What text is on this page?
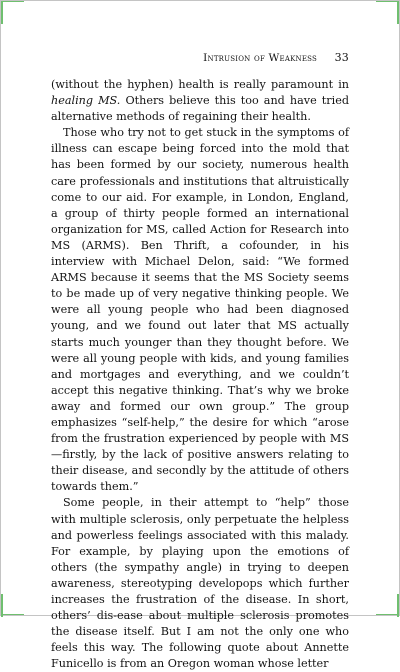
Intrusion of Weakness 33

(without the hyphen) health is really paramount in healing MS. Others believe this too and have tried alternative methods of regaining their health.

Those who try not to get stuck in the symptoms of illness can escape being forced into the mold that has been formed by our society, numerous health care professionals and institutions that altruistically come to our aid. For example, in London, England, a group of thirty people formed an international organization for MS, called Action for Research into MS (ARMS). Ben Thrift, a cofounder, in his interview with Michael Delon, said: “We formed ARMS because it seems that the MS Society seems to be made up of very negative thinking people. We were all young people who had been diagnosed young, and we found out later that MS actually starts much younger than they thought before. We were all young people with kids, and young families and mortgages and everything, and we couldn’t accept this negative thinking. That’s why we broke away and formed our own group.” The group emphasizes “self-help,” the desire for which “arose from the frustration experienced by people with MS—firstly, by the lack of positive answers relating to their disease, and secondly by the attitude of others towards them.”

Some people, in their attempt to “help” those with multiple sclerosis, only perpetuate the helpless and powerless feelings associated with this malady. For example, by playing upon the emotions of others (the sympathy angle) in trying to deepen awareness, stereotyping developops which further increases the frustration of the disease. In short, others’ dis-ease about multiple sclerosis promotes the disease itself. But I am not the only one who feels this way. The following quote about Annette Funicello is from an Oregon woman whose letter
